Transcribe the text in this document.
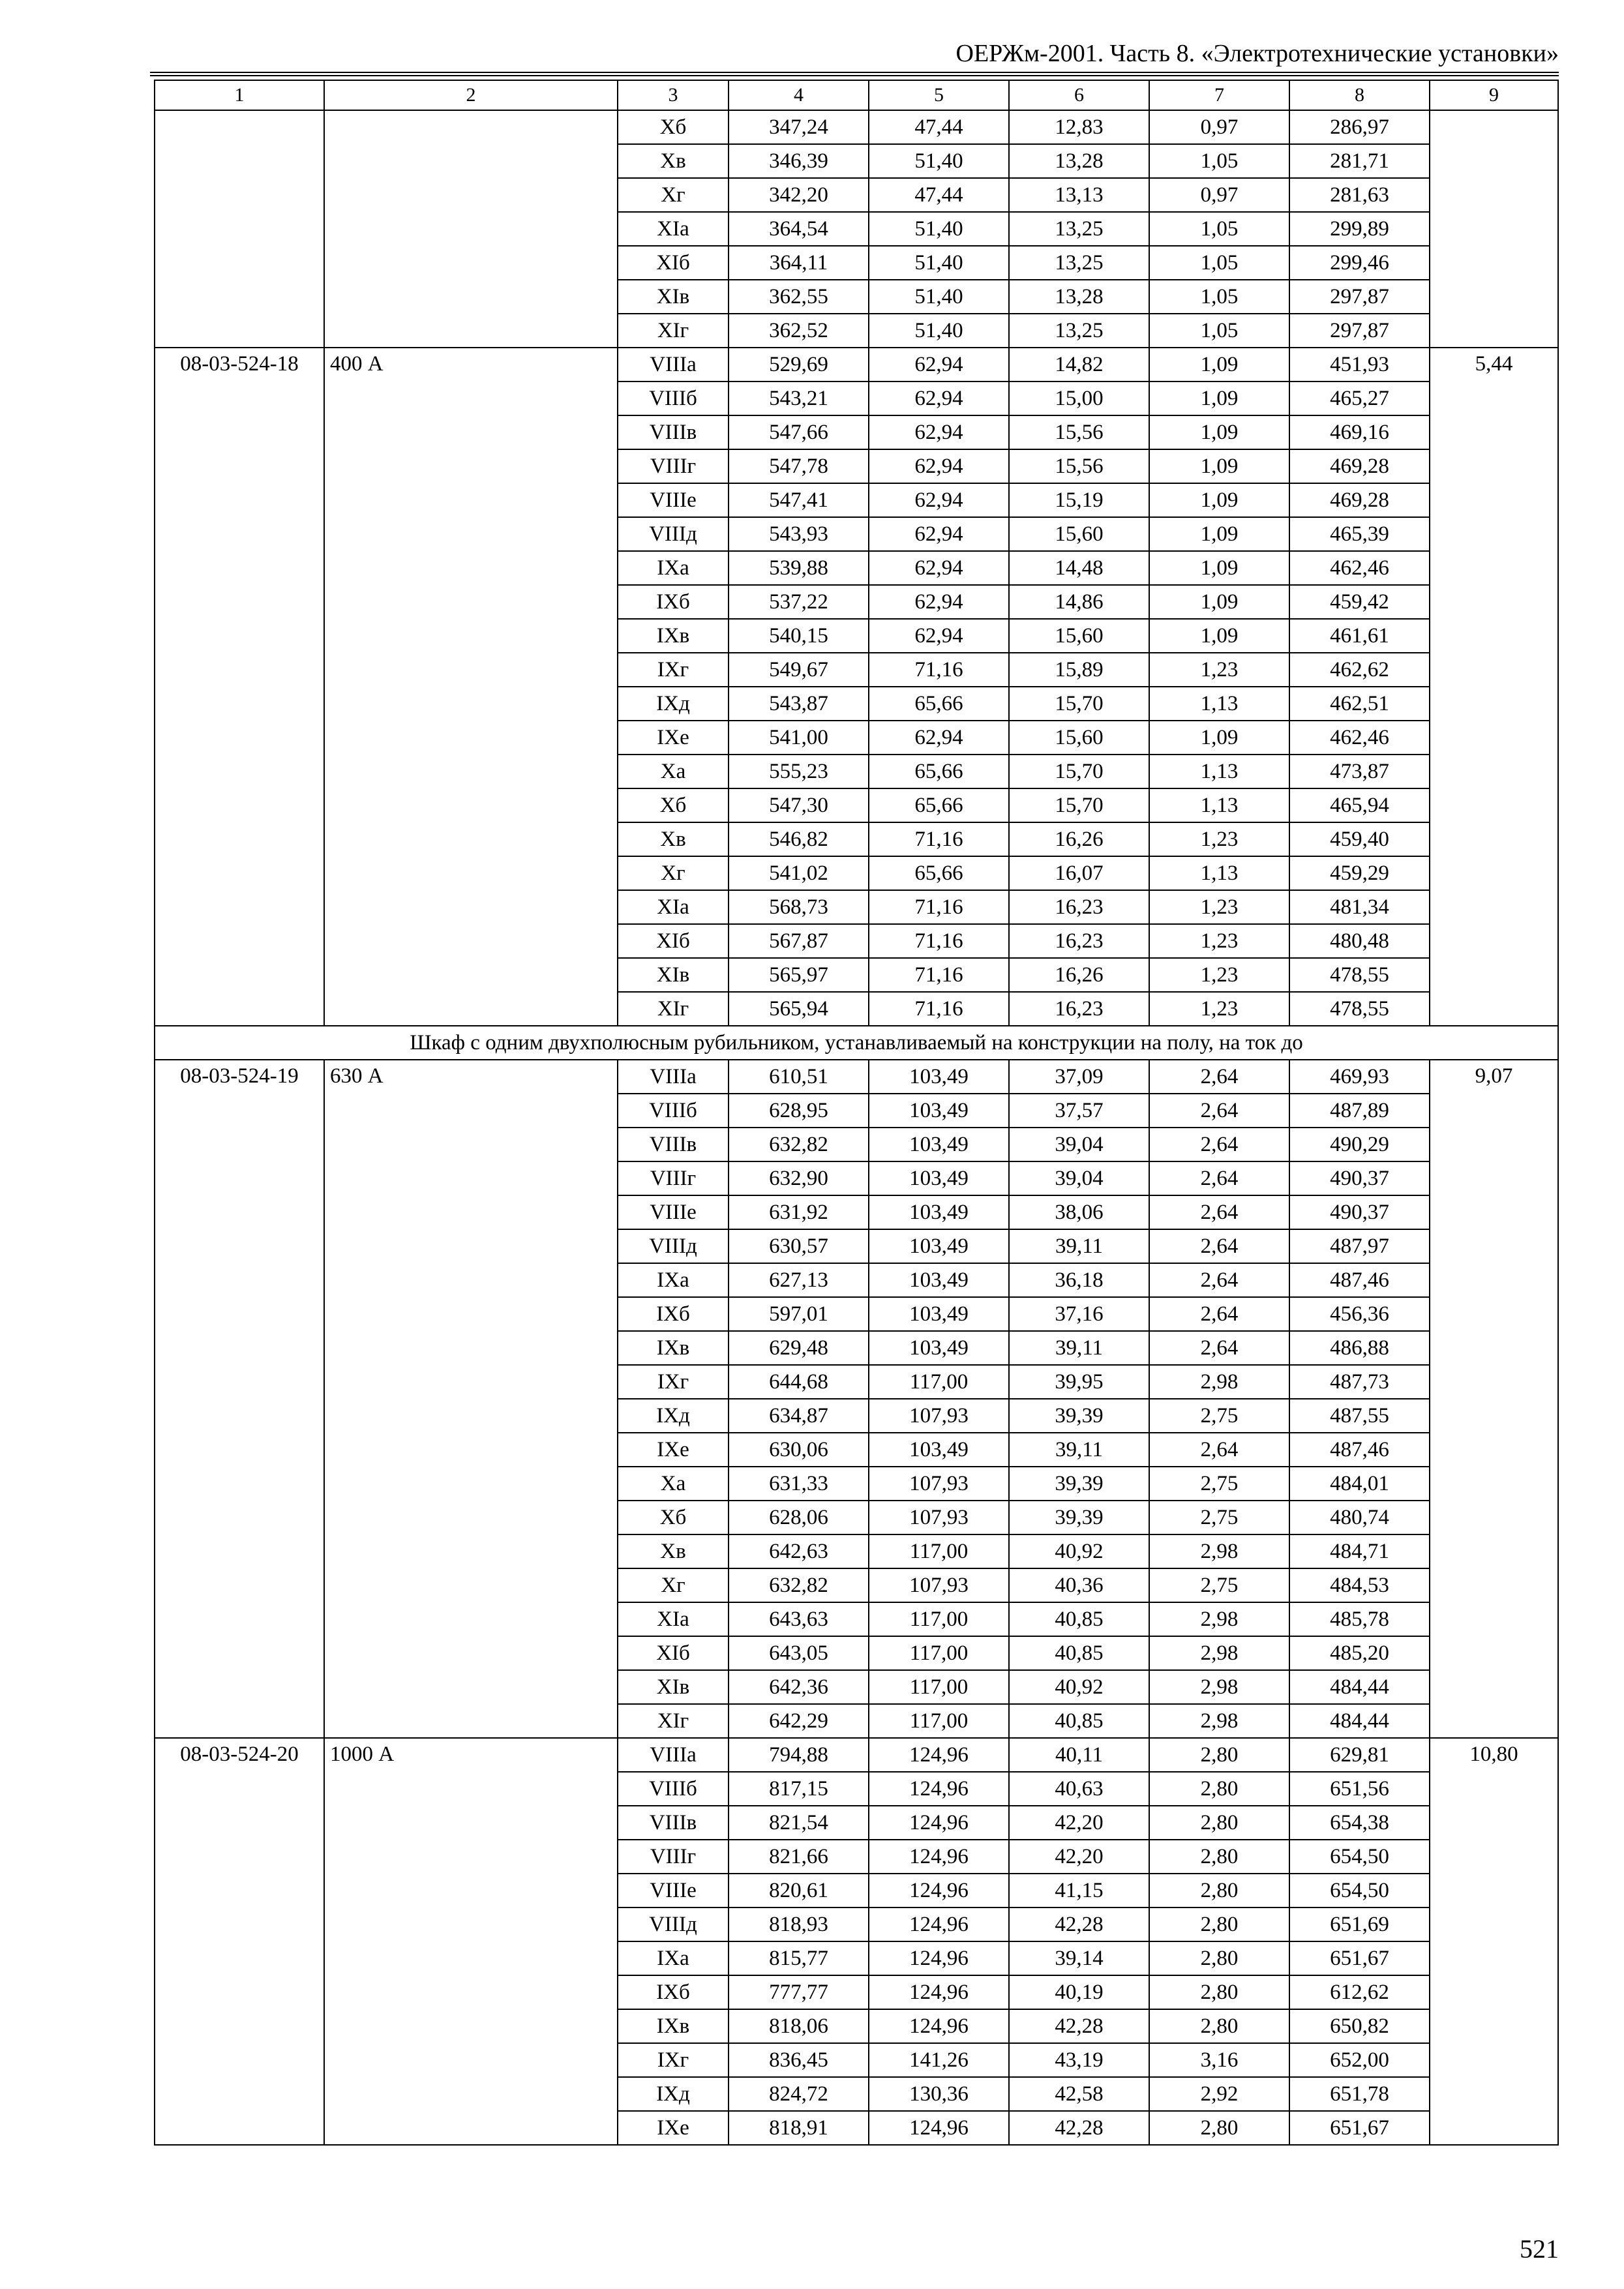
ОЕРЖм-2001. Часть 8. «Электротехнические установки»
1	2	3	4	5	6	7	8	9
		Xб	347,24	47,44	12,83	0,97	286,97	
		Xв	346,39	51,40	13,28	1,05	281,71	
		Xг	342,20	47,44	13,13	0,97	281,63	
		XIа	364,54	51,40	13,25	1,05	299,89	
		XIб	364,11	51,40	13,25	1,05	299,46	
		XIв	362,55	51,40	13,28	1,05	297,87	
		XIг	362,52	51,40	13,25	1,05	297,87	
08-03-524-18	400 А	VIIIа	529,69	62,94	14,82	1,09	451,93	5,44
		VIIIб	543,21	62,94	15,00	1,09	465,27	
		VIIIв	547,66	62,94	15,56	1,09	469,16	
		VIIIг	547,78	62,94	15,56	1,09	469,28	
		VIIIе	547,41	62,94	15,19	1,09	469,28	
		VIIIд	543,93	62,94	15,60	1,09	465,39	
		IXа	539,88	62,94	14,48	1,09	462,46	
		IXб	537,22	62,94	14,86	1,09	459,42	
		IXв	540,15	62,94	15,60	1,09	461,61	
		IXг	549,67	71,16	15,89	1,23	462,62	
		IXд	543,87	65,66	15,70	1,13	462,51	
		IXе	541,00	62,94	15,60	1,09	462,46	
		Xа	555,23	65,66	15,70	1,13	473,87	
		Xб	547,30	65,66	15,70	1,13	465,94	
		Xв	546,82	71,16	16,26	1,23	459,40	
		Xг	541,02	65,66	16,07	1,13	459,29	
		XIа	568,73	71,16	16,23	1,23	481,34	
		XIб	567,87	71,16	16,23	1,23	480,48	
		XIв	565,97	71,16	16,26	1,23	478,55	
		XIг	565,94	71,16	16,23	1,23	478,55	
Шкаф с одним двухполюсным рубильником, устанавливаемый на конструкции на полу, на ток до								
08-03-524-19	630 А	VIIIа	610,51	103,49	37,09	2,64	469,93	9,07
		VIIIб	628,95	103,49	37,57	2,64	487,89	
		VIIIв	632,82	103,49	39,04	2,64	490,29	
		VIIIг	632,90	103,49	39,04	2,64	490,37	
		VIIIе	631,92	103,49	38,06	2,64	490,37	
		VIIIд	630,57	103,49	39,11	2,64	487,97	
		IXа	627,13	103,49	36,18	2,64	487,46	
		IXб	597,01	103,49	37,16	2,64	456,36	
		IXв	629,48	103,49	39,11	2,64	486,88	
		IXг	644,68	117,00	39,95	2,98	487,73	
		IXд	634,87	107,93	39,39	2,75	487,55	
		IXе	630,06	103,49	39,11	2,64	487,46	
		Xа	631,33	107,93	39,39	2,75	484,01	
		Xб	628,06	107,93	39,39	2,75	480,74	
		Xв	642,63	117,00	40,92	2,98	484,71	
		Xг	632,82	107,93	40,36	2,75	484,53	
		XIа	643,63	117,00	40,85	2,98	485,78	
		XIб	643,05	117,00	40,85	2,98	485,20	
		XIв	642,36	117,00	40,92	2,98	484,44	
		XIг	642,29	117,00	40,85	2,98	484,44	
08-03-524-20	1000 А	VIIIа	794,88	124,96	40,11	2,80	629,81	10,80
		VIIIб	817,15	124,96	40,63	2,80	651,56	
		VIIIв	821,54	124,96	42,20	2,80	654,38	
		VIIIг	821,66	124,96	42,20	2,80	654,50	
		VIIIе	820,61	124,96	41,15	2,80	654,50	
		VIIIд	818,93	124,96	42,28	2,80	651,69	
		IXа	815,77	124,96	39,14	2,80	651,67	
		IXб	777,77	124,96	40,19	2,80	612,62	
		IXв	818,06	124,96	42,28	2,80	650,82	
		IXг	836,45	141,26	43,19	3,16	652,00	
		IXд	824,72	130,36	42,58	2,92	651,78	
		IXе	818,91	124,96	42,28	2,80	651,67	
521
